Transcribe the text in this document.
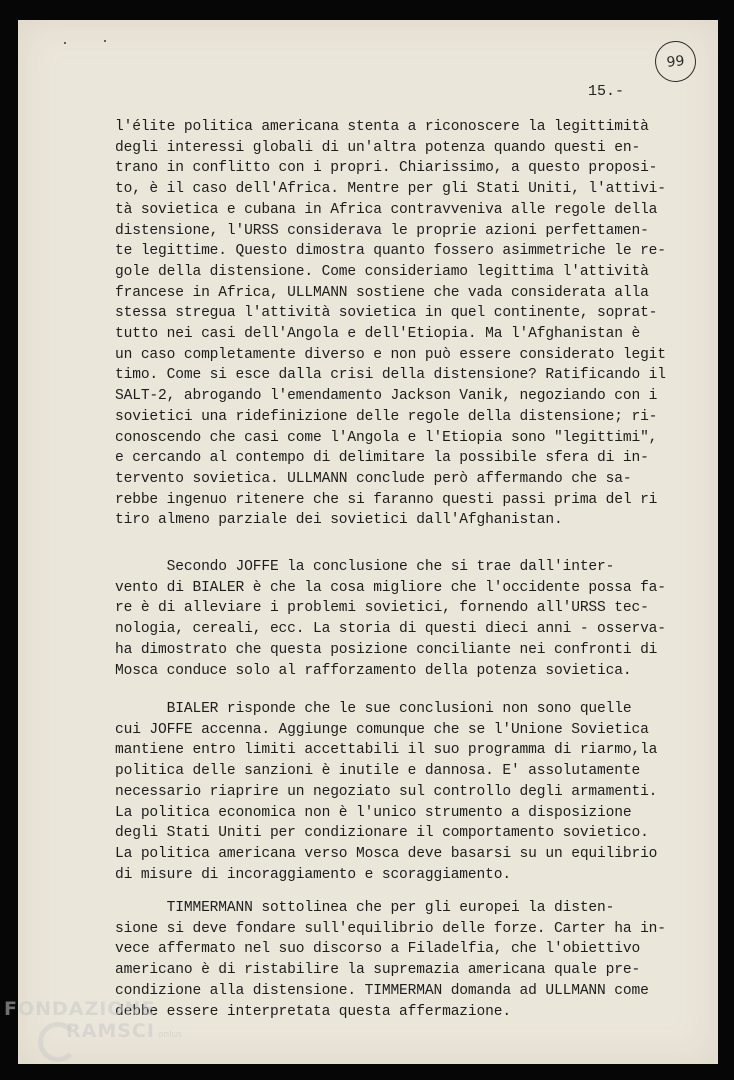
99
15.-
l'élite politica americana stenta a riconoscere la legittimità
degli interessi globali di un'altra potenza quando questi en-
trano in conflitto con i propri. Chiarissimo, a questo proposi-
to, è il caso dell'Africa. Mentre per gli Stati Uniti, l'attivi-
tà sovietica e cubana in Africa contravveniva alle regole della
distensione, l'URSS considerava le proprie azioni perfettamen-
te legittime. Questo dimostra quanto fossero asimmetriche le re-
gole della distensione. Come consideriamo legittima l'attività
francese in Africa, ULLMANN sostiene che vada considerata alla
stessa stregua l'attività sovietica in quel continente, soprat-
tutto nei casi dell'Angola e dell'Etiopia. Ma l'Afghanistan è
un caso completamente diverso e non può essere considerato legit
timo. Come si esce dalla crisi della distensione? Ratificando il
SALT-2, abrogando l'emendamento Jackson Vanik, negoziando con i
sovietici una ridefinizione delle regole della distensione; ri-
conoscendo che casi come l'Angola e l'Etiopia sono "legittimi",
e cercando al contempo di delimitare la possibile sfera di in-
tervento sovietica. ULLMANN conclude però affermando che sa-
rebbe ingenuo ritenere che si faranno questi passi prima del ri
tiro almeno parziale dei sovietici dall'Afghanistan.
Secondo JOFFE la conclusione che si trae dall'inter-
vento di BIALER è che la cosa migliore che l'occidente possa fa-
re è di alleviare i problemi sovietici, fornendo all'URSS tec-
nologia, cereali, ecc. La storia di questi dieci anni - osserva-
ha dimostrato che questa posizione conciliante nei confronti di
Mosca conduce solo al rafforzamento della potenza sovietica.
BIALER risponde che le sue conclusioni non sono quelle
cui JOFFE accenna. Aggiunge comunque che se l'Unione Sovietica
mantiene entro limiti accettabili il suo programma di riarmo,la
politica delle sanzioni è inutile e dannosa. E' assolutamente
necessario riaprire un negoziato sul controllo degli armamenti.
La politica economica non è l'unico strumento a disposizione
degli Stati Uniti per condizionare il comportamento sovietico.
La politica americana verso Mosca deve basarsi su un equilibrio
di misure di incoraggiamento e scoraggiamento.
TIMMERMANN sottolinea che per gli europei la disten-
sione si deve fondare sull'equilibrio delle forze. Carter ha in-
vece affermato nel suo discorso a Filadelfia, che l'obiettivo
americano è di ristabilire la supremazia americana quale pre-
condizione alla distensione. TIMMERMAN domanda ad ULLMANN come
debbe essere interpretata questa affermazione.
FONDAZIONE
RAMSCI onlus
